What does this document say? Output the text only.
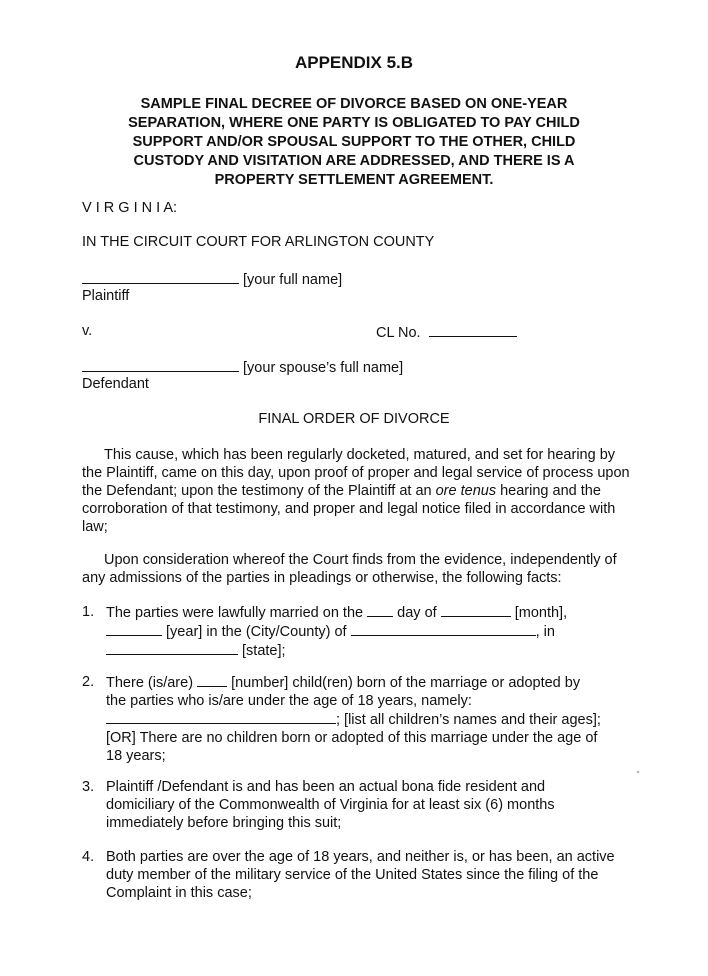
APPENDIX 5.B
SAMPLE FINAL DECREE OF DIVORCE BASED ON ONE-YEAR
SEPARATION, WHERE ONE PARTY IS OBLIGATED TO PAY CHILD
SUPPORT AND/OR SPOUSAL SUPPORT TO THE OTHER, CHILD
CUSTODY AND VISITATION ARE ADDRESSED, AND THERE IS A
PROPERTY SETTLEMENT AGREEMENT.
V I R G I N I A:
IN THE CIRCUIT COURT FOR ARLINGTON COUNTY
[your full name]
Plaintiff
v.	CL No.
[your spouse’s full name]
Defendant
FINAL ORDER OF DIVORCE
This cause, which has been regularly docketed, matured, and set for hearing by the Plaintiff, came on this day, upon proof of proper and legal service of process upon the Defendant; upon the testimony of the Plaintiff at an ore tenus hearing and the corroboration of that testimony, and proper and legal notice filed in accordance with law;
Upon consideration whereof the Court finds from the evidence, independently of any admissions of the parties in pleadings or otherwise, the following facts:
1. The parties were lawfully married on the day of	[month],
[year] in the (City/County) of	, in
[state];
2. There (is/are)	[number] child(ren) born of the marriage or adopted by
the parties who is/are under the age of 18 years, namely:
; [list all children’s names and their ages];
[OR] There are no children born or adopted of this marriage under the age of
18 years;
3. Plaintiff /Defendant is and has been an actual bona fide resident and domiciliary of the Commonwealth of Virginia for at least six (6) months immediately before bringing this suit;
4. Both parties are over the age of 18 years, and neither is, or has been, an active duty member of the military service of the United States since the filing of the Complaint in this case;
